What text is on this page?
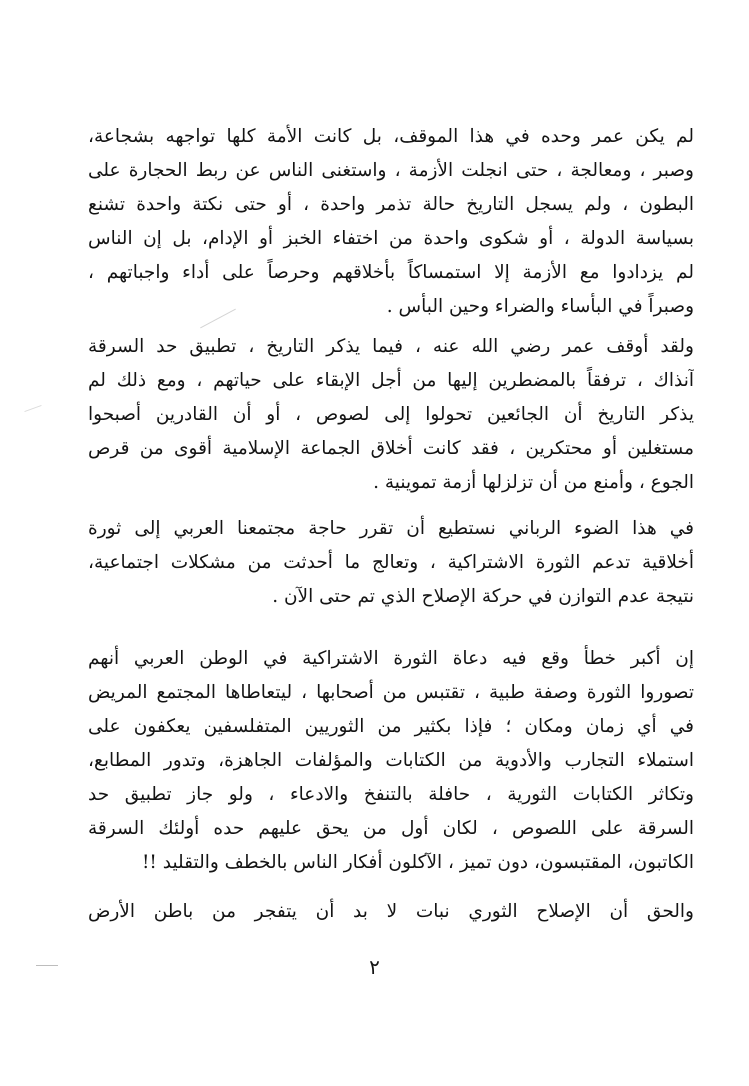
لم يكن عمر وحده في هذا الموقف، بل كانت الأمة كلها تواجهه بشجاعة،
وصبر ، ومعالجة ، حتى انجلت الأزمة ، واستغنى الناس عن ربط الحجارة على
البطون ، ولم يسجل التاريخ حالة تذمر واحدة ، أو حتى نكتة واحدة تشنع
بسياسة الدولة ، أو شكوى واحدة من اختفاء الخبز أو الإدام، بل إن الناس
لم يزدادوا مع الأزمة إلا استمساكاً بأخلاقهم وحرصاً على أداء واجباتهم ،
وصبراً في البأساء والضراء وحين البأس .
ولقد أوقف عمر رضي الله عنه ، فيما يذكر التاريخ ، تطبيق حد السرقة
آنذاك ، ترفقاً بالمضطرين إليها من أجل الإبقاء على حياتهم ، ومع ذلك لم
يذكر التاريخ أن الجائعين تحولوا إلى لصوص ، أو أن القادرين أصبحوا
مستغلين أو محتكرين ، فقد كانت أخلاق الجماعة الإسلامية أقوى من قرص
الجوع ، وأمنع من أن تزلزلها أزمة تموينية .
في هذا الضوء الرباني نستطيع أن تقرر حاجة مجتمعنا العربي إلى ثورة
أخلاقية تدعم الثورة الاشتراكية ، وتعالج ما أحدثت من مشكلات اجتماعية،
نتيجة عدم التوازن في حركة الإصلاح الذي تم حتى الآن .
إن أكبر خطأ وقع فيه دعاة الثورة الاشتراكية في الوطن العربي أنهم
تصوروا الثورة وصفة طبية ، تقتبس من أصحابها ، ليتعاطاها المجتمع المريض
في أي زمان ومكان ؛ فإذا بكثير من الثوريين المتفلسفين يعكفون على
استملاء التجارب والأدوية من الكتابات والمؤلفات الجاهزة، وتدور المطابع،
وتكاثر الكتابات الثورية ، حافلة بالتنفخ والادعاء ، ولو جاز تطبيق حد
السرقة على اللصوص ، لكان أول من يحق عليهم حده أولئك السرقة
الكاتبون، المقتبسون، دون تميز ، الآكلون أفكار الناس بالخطف والتقليد !!
والحق أن الإصلاح الثوري نبات لا بد أن يتفجر من باطن الأرض
٢
